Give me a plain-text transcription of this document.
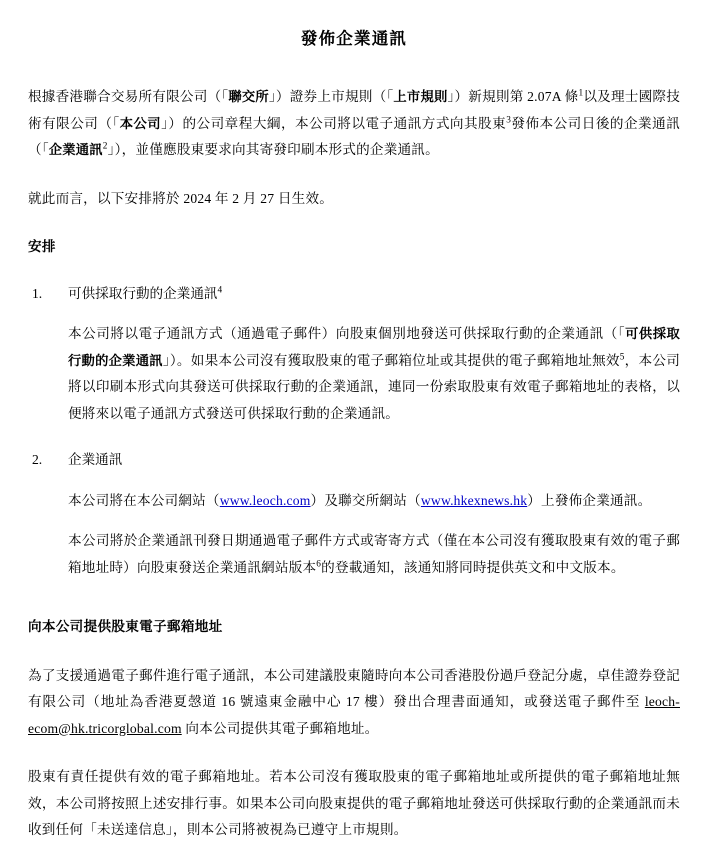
發佈企業通訊

根據香港聯合交易所有限公司（「聯交所」）證券上市規則（「上市規則」）新規則第 2.07A 條$^1$以及理士國際技術有限公司（「本公司」）的公司章程大綱，本公司將以電子通訊方式向其股東$^3$發佈本公司日後的企業通訊（「企業通訊$^2$」），並僅應股東要求向其寄發印刷本形式的企業通訊。

就此而言，以下安排將於 2024 年 2 月 27 日生效。

安排

1.	可供採取行動的企業通訊$^4$

本公司將以電子通訊方式（通過電子郵件）向股東個別地發送可供採取行動的企業通訊（「可供採取行動的企業通訊」）。如果本公司沒有獲取股東的電子郵箱位址或其提供的電子郵箱地址無效$^5$，本公司將以印刷本形式向其發送可供採取行動的企業通訊，連同一份索取股東有效電子郵箱地址的表格，以便將來以電子通訊方式發送可供採取行動的企業通訊。

2.	企業通訊

本公司將在本公司網站（www.leoch.com）及聯交所網站（www.hkexnews.hk）上發佈企業通訊。

本公司將於企業通訊刊發日期通過電子郵件方式或寄寄方式（僅在本公司沒有獲取股東有效的電子郵箱地址時）向股東發送企業通訊網站版本$^6$的登載通知，該通知將同時提供英文和中文版本。

向本公司提供股東電子郵箱地址

為了支援通過電子郵件進行電子通訊，本公司建議股東隨時向本公司香港股份過戶登記分處，卓佳證券登記有限公司（地址為香港夏愨道 16 號遠東金融中心 17 樓）發出合理書面通知，或發送電子郵件至 leoch-ecom@hk.tricorglobal.com 向本公司提供其電子郵箱地址。

股東有責任提供有效的電子郵箱地址。若本公司沒有獲取股東的電子郵箱地址或所提供的電子郵箱地址無效，本公司將按照上述安排行事。如果本公司向股東提供的電子郵箱地址發送可供採取行動的企業通訊而未收到任何「未送達信息」，則本公司將被視為已遵守上市規則。
